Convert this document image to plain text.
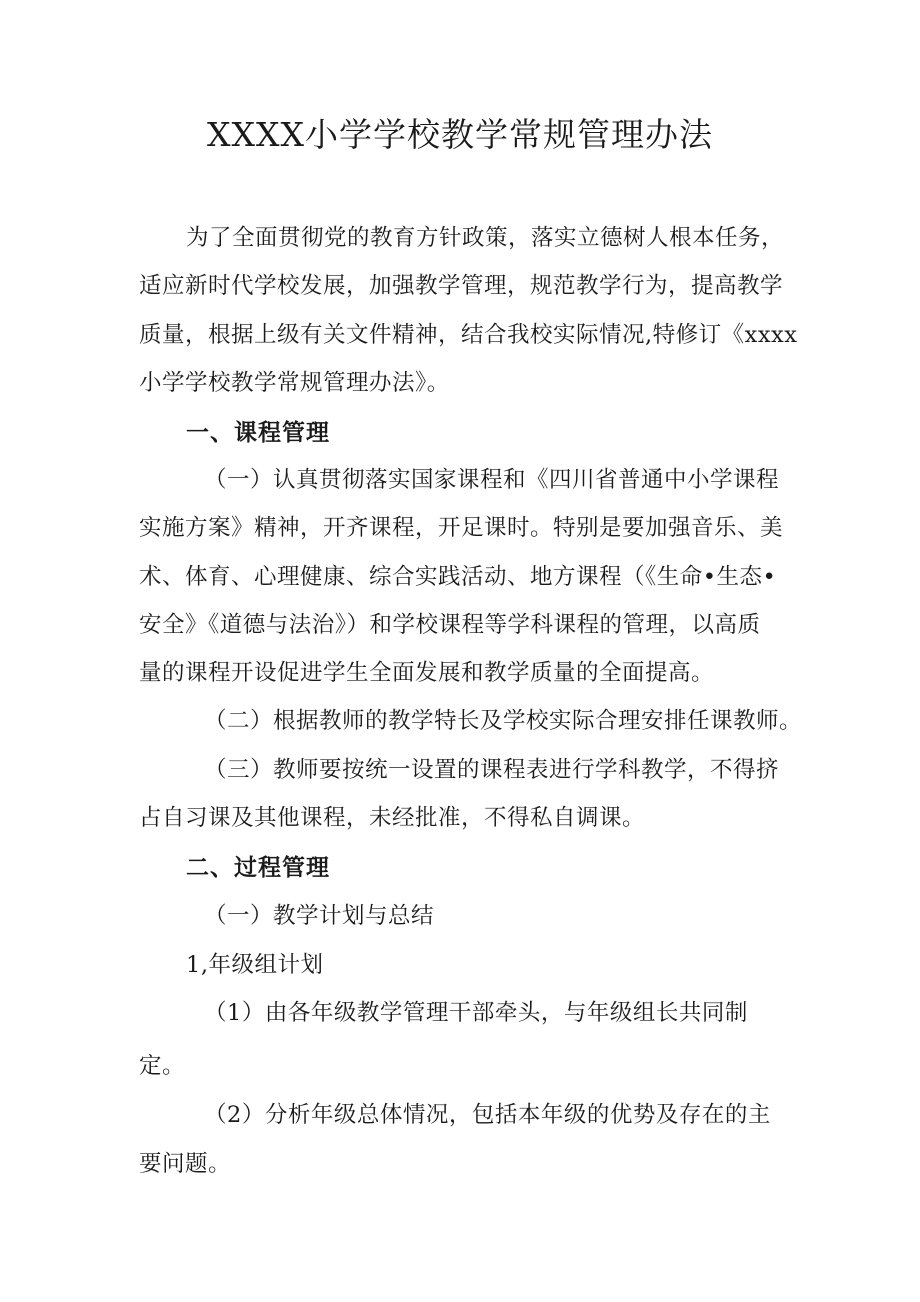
XXXX小学学校教学常规管理办法
为了全面贯彻党的教育方针政策，落实立德树人根本任务，
适应新时代学校发展，加强教学管理，规范教学行为，提高教学
质量，根据上级有关文件精神，结合我校实际情况,特修订《xxxx
小学学校教学常规管理办法》。
一、课程管理
（一）认真贯彻落实国家课程和《四川省普通中小学课程
实施方案》精神，开齐课程，开足课时。特别是要加强音乐、美
术、体育、心理健康、综合实践活动、地方课程（《生命•生态•
安全》《道德与法治》）和学校课程等学科课程的管理，以高质
量的课程开设促进学生全面发展和教学质量的全面提高。
（二）根据教师的教学特长及学校实际合理安排任课教师。
（三）教师要按统一设置的课程表进行学科教学，不得挤
占自习课及其他课程，未经批准，不得私自调课。
二、过程管理
（一）教学计划与总结
1,年级组计划
（1）由各年级教学管理干部牵头，与年级组长共同制
定。
（2）分析年级总体情况，包括本年级的优势及存在的主
要问题。
